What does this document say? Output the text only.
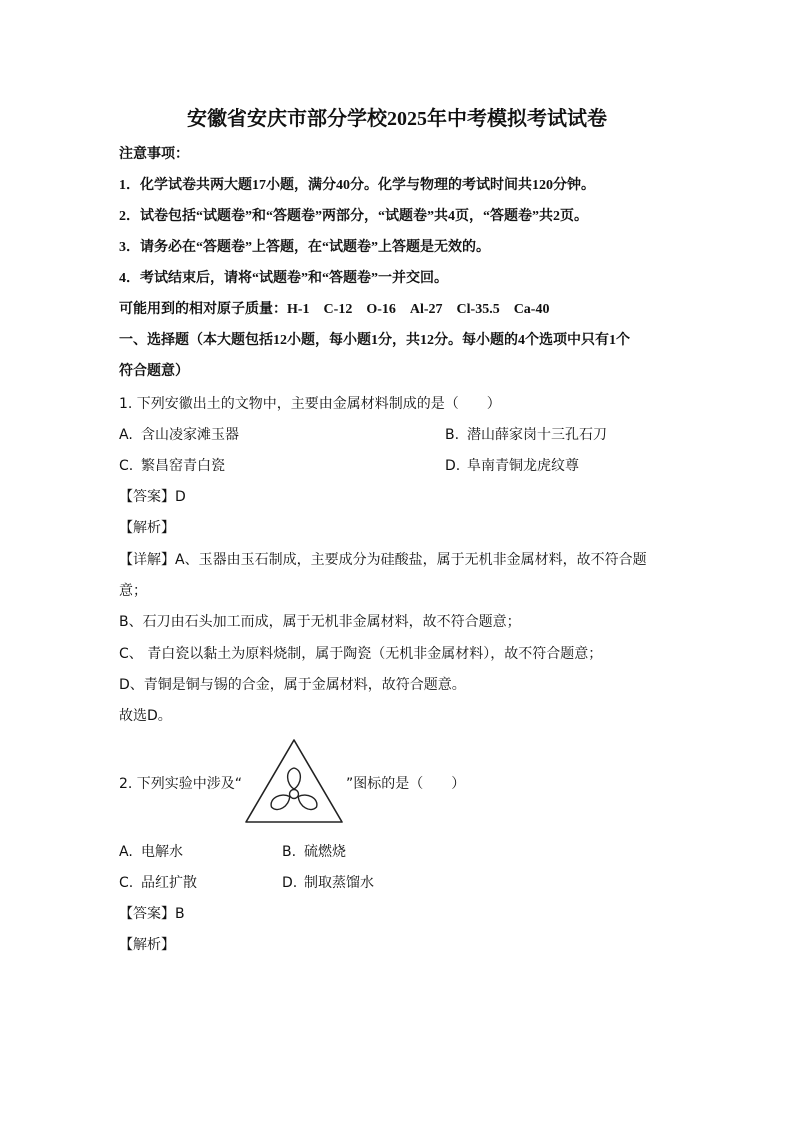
安徽省安庆市部分学校2025年中考模拟考试试卷
注意事项：
1．化学试卷共两大题17小题，满分40分。化学与物理的考试时间共120分钟。
2．试卷包括“试题卷”和“答题卷”两部分，“试题卷”共4页，“答题卷”共2页。
3．请务必在“答题卷”上答题，在“试题卷”上答题是无效的。
4．考试结束后，请将“试题卷”和“答题卷”一并交回。
可能用到的相对原子质量：H-1　C-12　O-16　Al-27　Cl-35.5　Ca-40
一、选择题（本大题包括12小题，每小题1分，共12分。每小题的4个选项中只有1个
符合题意）
1. 下列安徽出土的文物中，主要由金属材料制成的是（　　）
A. 含山凌家滩玉器	B. 潜山薛家岗十三孔石刀
C. 繁昌窑青白瓷	D. 阜南青铜龙虎纹尊
【答案】D
【解析】
【详解】A、玉器由玉石制成，主要成分为硅酸盐，属于无机非金属材料，故不符合题
意；
B、石刀由石头加工而成，属于无机非金属材料，故不符合题意；
C、 青白瓷以黏土为原料烧制，属于陶瓷（无机非金属材料），故不符合题意；
D、青铜是铜与锡的合金，属于金属材料，故符合题意。
故选D。
2. 下列实验中涉及“	”图标的是（　　）
A. 电解水	B. 硫燃烧
C. 品红扩散	D. 制取蒸馏水
【答案】B
【解析】
